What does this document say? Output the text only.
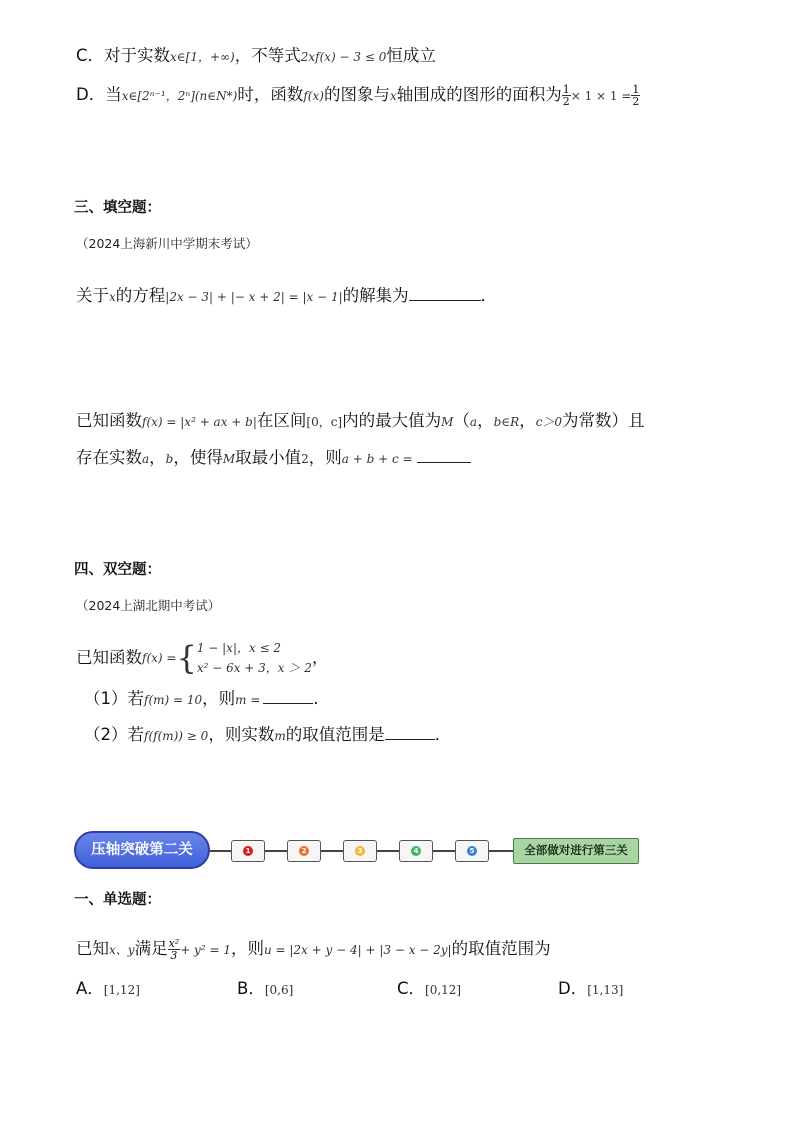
C．对于实数x∈[1，+∞)，不等式2xf(x) − 3 ≤ 0恒成立
D．当x∈[2ⁿ⁻¹，2ⁿ](n∈N*)时，函数f(x)的图象与x轴围成的图形的面积为 $\frac{1}{2} \times 1 \times 1 = \frac{1}{2}$
三、填空题：
（2024上海新川中学期末考试）
关于x的方程|2x − 3| + |− x + 2| = |x − 1|的解集为	．
已知函数f(x) = |x² + ax + b|在区间[0，c]内的最大值为M（a，b∈R，c＞0为常数）且
存在实数a，b，使得M取最小值2，则a + b + c =
四、双空题：
（2024上湖北期中考试）
已知函数f(x) ={ 1 − |x|，x ≤ 2
x² − 6x + 3，x ＞ 2
，
（1）若f(m) = 10，则m =	．
（2）若f(f(m)) ≥ 0，则实数m的取值范围是	．
压轴突破第二关	1	2	3	4	5	全部做对进行第三关
一、单选题：
已知x、y满足 $\frac{\text{x²}}{3} + y^2 = 1$，则u = |2x + y − 4| + |3 − x − 2y|的取值范围为
A．[1,12]	B．[0,6]	C．[0,12]	D．[1,13]
